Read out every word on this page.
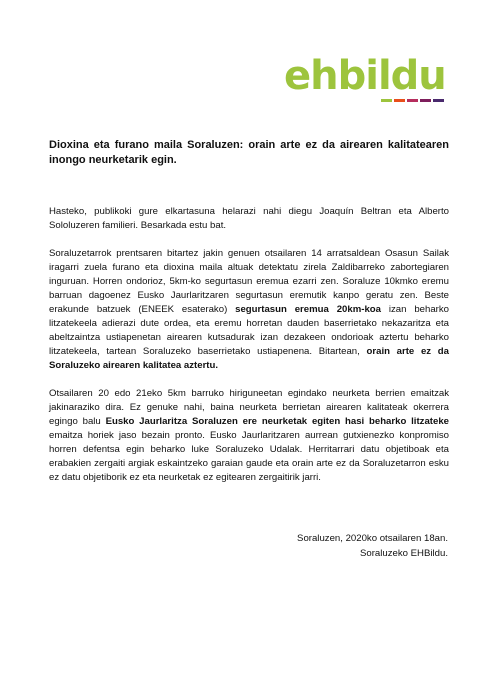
ehbildu
Dioxina eta furano maila Soraluzen: orain arte ez da airearen kalitatearen inongo neurketarik egin.

Hasteko, publikoki gure elkartasuna helarazi nahi diegu Joaquín Beltran eta Alberto Sololuzeren familieri. Besarkada estu bat.

Soraluzetarrok prentsaren bitartez jakin genuen otsailaren 14 arratsaldean Osasun Sailak iragarri zuela furano eta dioxina maila altuak detektatu zirela Zaldibarreko zabortegiaren inguruan. Horren ondorioz, 5km-ko segurtasun eremua ezarri zen. Soraluze 10kmko eremu barruan dagoenez Eusko Jaurlaritzaren segurtasun eremutik kanpo geratu zen. Beste erakunde batzuek (ENEEK esaterako) segurtasun eremua 20km-koa izan beharko litzatekeela adierazi dute ordea, eta eremu horretan dauden baserrietako nekazaritza eta abeltzaintza ustiapenetan airearen kutsadurak izan dezakeen ondorioak aztertu beharko litzatekeela, tartean Soraluzeko baserrietako ustiapenena. Bitartean, orain arte ez da Soraluzeko airearen kalitatea aztertu.

Otsailaren 20 edo 21eko 5km barruko hiriguneetan egindako neurketa berrien emaitzak jakinaraziko dira. Ez genuke nahi, baina neurketa berrietan airearen kalitateak okerrera egingo balu Eusko Jaurlaritza Soraluzen ere neurketak egiten hasi beharko litzateke emaitza horiek jaso bezain pronto. Eusko Jaurlaritzaren aurrean gutxienezko konpromiso horren defentsa egin beharko luke Soraluzeko Udalak. Herritarrari datu objetiboak eta erabakien zergaiti argiak eskaintzeko garaian gaude eta orain arte ez da Soraluzetarron esku ez datu objetiborik ez eta neurketak ez egitearen zergaitirik jarri.

Soraluzen, 2020ko otsailaren 18an.
Soraluzeko EHBildu.
